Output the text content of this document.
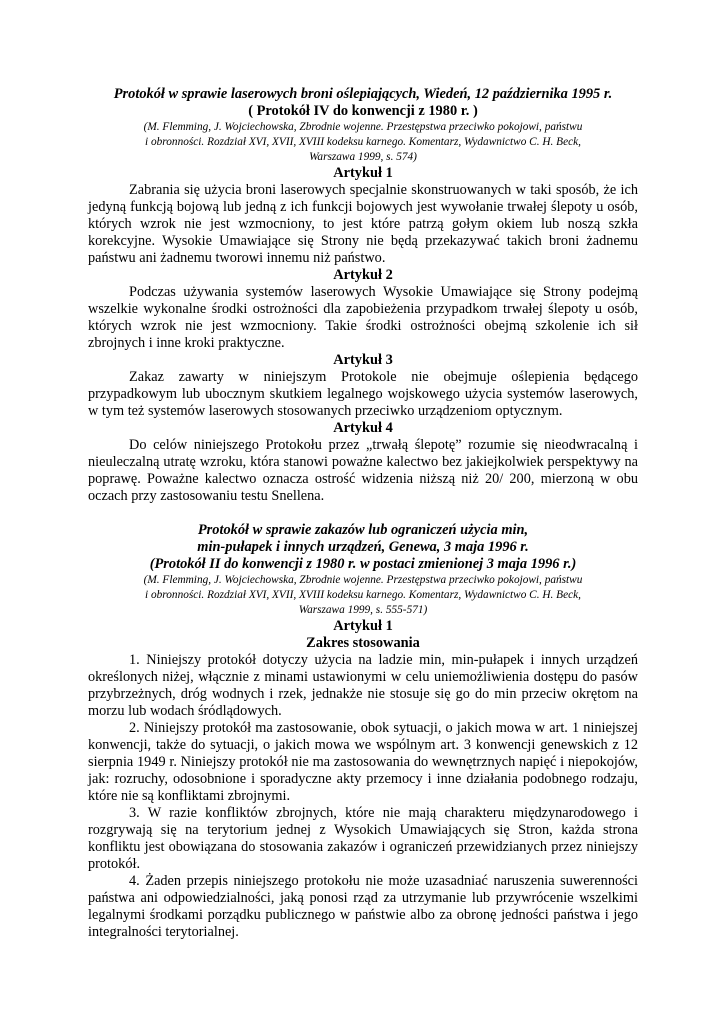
Protokół w sprawie laserowych broni oślepiających, Wiedeń, 12 października 1995 r.
( Protokół IV do konwencji z 1980 r. )
(M. Flemming, J. Wojciechowska, Zbrodnie wojenne. Przestępstwa przeciwko pokojowi, państwu
i obronności. Rozdział XVI, XVII, XVIII kodeksu karnego. Komentarz, Wydawnictwo C. H. Beck,
Warszawa 1999, s. 574)
Artykuł 1

Zabrania się użycia broni laserowych specjalnie skonstruowanych w taki sposób, że ich jedyną funkcją bojową lub jedną z ich funkcji bojowych jest wywołanie trwałej ślepoty u osób, których wzrok nie jest wzmocniony, to jest które patrzą gołym okiem lub noszą szkła korekcyjne. Wysokie Umawiające się Strony nie będą przekazywać takich broni żadnemu państwu ani żadnemu tworowi innemu niż państwo.

Artykuł 2

Podczas używania systemów laserowych Wysokie Umawiające się Strony podejmą wszelkie wykonalne środki ostrożności dla zapobieżenia przypadkom trwałej ślepoty u osób, których wzrok nie jest wzmocniony. Takie środki ostrożności obejmą szkolenie ich sił zbrojnych i inne kroki praktyczne.

Artykuł 3

Zakaz zawarty w niniejszym Protokole nie obejmuje oślepienia będącego przypadkowym lub ubocznym skutkiem legalnego wojskowego użycia systemów laserowych, w tym też systemów laserowych stosowanych przeciwko urządzeniom optycznym.

Artykuł 4

Do celów niniejszego Protokołu przez „trwałą ślepotę” rozumie się nieodwracalną i nieuleczalną utratę wzroku, która stanowi poważne kalectwo bez jakiejkolwiek perspektywy na poprawę. Poważne kalectwo oznacza ostrość widzenia niższą niż 20/ 200, mierzoną w obu oczach przy zastosowaniu testu Snellena.

Protokół w sprawie zakazów lub ograniczeń użycia min,
min-pułapek i innych urządzeń, Genewa, 3 maja 1996 r.
(Protokół II do konwencji z 1980 r. w postaci zmienionej 3 maja 1996 r.)
(M. Flemming, J. Wojciechowska, Zbrodnie wojenne. Przestępstwa przeciwko pokojowi, państwu
i obronności. Rozdział XVI, XVII, XVIII kodeksu karnego. Komentarz, Wydawnictwo C. H. Beck,
Warszawa 1999, s. 555-571)
Artykuł 1
Zakres stosowania

1. Niniejszy protokół dotyczy użycia na ladzie min, min-pułapek i innych urządzeń określonych niżej, włącznie z minami ustawionymi w celu uniemożliwienia dostępu do pasów przybrzeżnych, dróg wodnych i rzek, jednakże nie stosuje się go do min przeciw okrętom na morzu lub wodach śródlądowych.

2. Niniejszy protokół ma zastosowanie, obok sytuacji, o jakich mowa w art. 1 niniejszej konwencji, także do sytuacji, o jakich mowa we wspólnym art. 3 konwencji genewskich z 12 sierpnia 1949 r. Niniejszy protokół nie ma zastosowania do wewnętrznych napięć i niepokojów, jak: rozruchy, odosobnione i sporadyczne akty przemocy i inne działania podobnego rodzaju, które nie są konfliktami zbrojnymi.

3. W razie konfliktów zbrojnych, które nie mają charakteru międzynarodowego i rozgrywają się na terytorium jednej z Wysokich Umawiających się Stron, każda strona konfliktu jest obowiązana do stosowania zakazów i ograniczeń przewidzianych przez niniejszy protokół.

4. Żaden przepis niniejszego protokołu nie może uzasadniać naruszenia suwerenności państwa ani odpowiedzialności, jaką ponosi rząd za utrzymanie lub przywrócenie wszelkimi legalnymi środkami porządku publicznego w państwie albo za obronę jedności państwa i jego integralności terytorialnej.
